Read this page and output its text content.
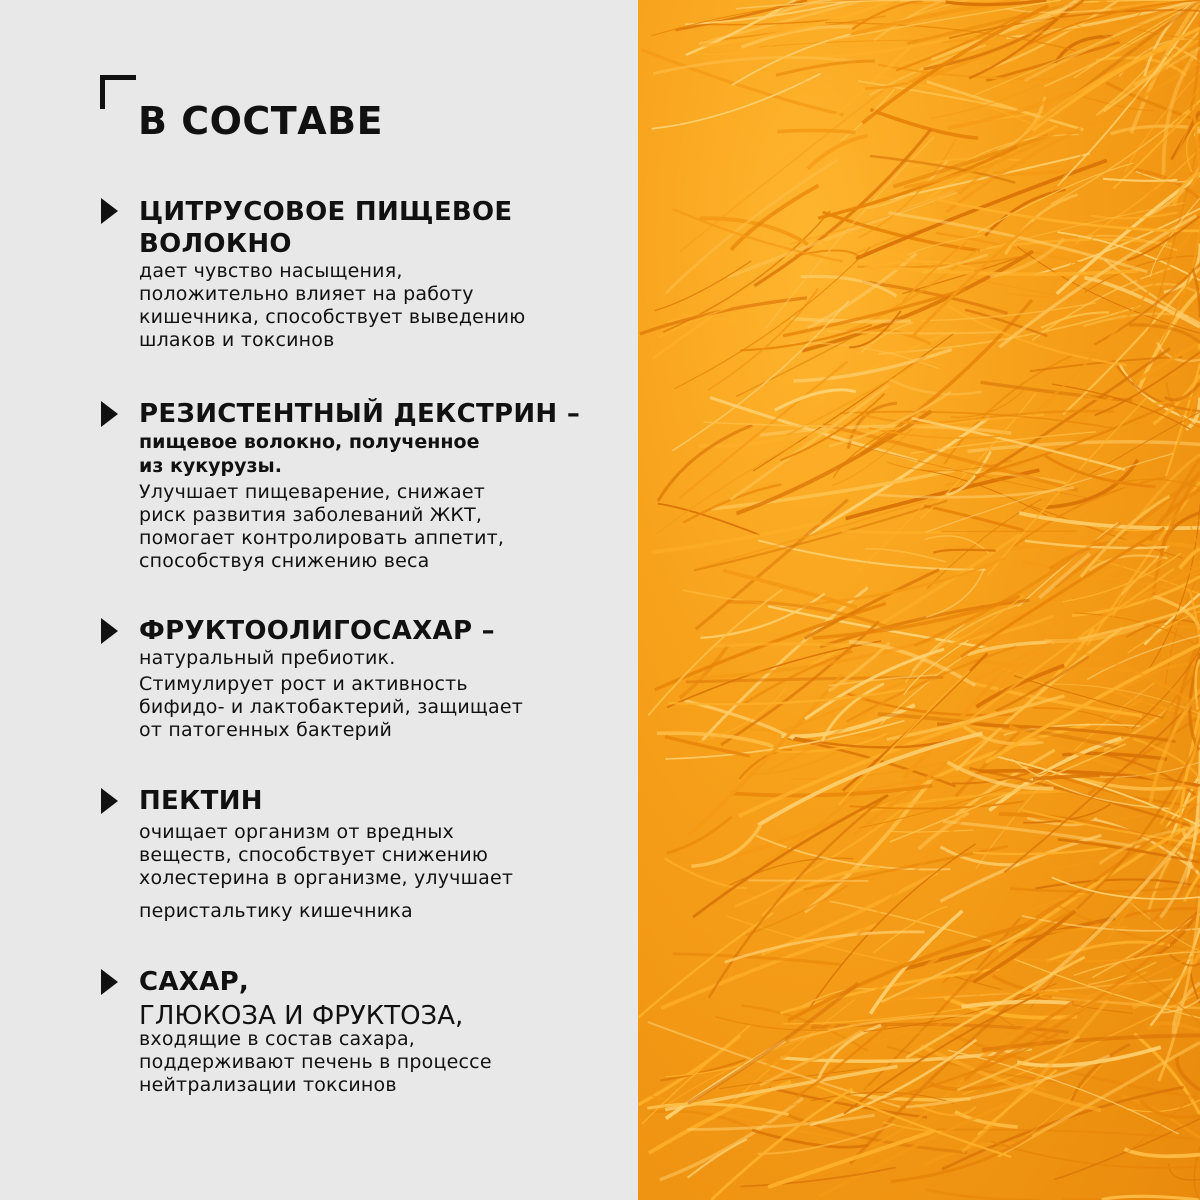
В СОСТАВЕ
ЦИТРУСОВОЕ ПИЩЕВОЕ
ВОЛОКНО
дает чувство насыщения,
положительно влияет на работу
кишечника, способствует выведению
шлаков и токсинов
РЕЗИСТЕНТНЫЙ ДЕКСТРИН –
пищевое волокно, полученное
из кукурузы.
Улучшает пищеварение, снижает
риск развития заболеваний ЖКТ,
помогает контролировать аппетит,
способствуя снижению веса
ФРУКТООЛИГОСАХАР –
натуральный пребиотик.
Стимулирует рост и активность
бифидо- и лактобактерий, защищает
от патогенных бактерий
ПЕКТИН
очищает организм от вредных
веществ, способствует снижению
холестерина в организме, улучшает
перистальтику кишечника
САХАР,
ГЛЮКОЗА И ФРУКТОЗА,
входящие в состав сахара,
поддерживают печень в процессе
нейтрализации токсинов
